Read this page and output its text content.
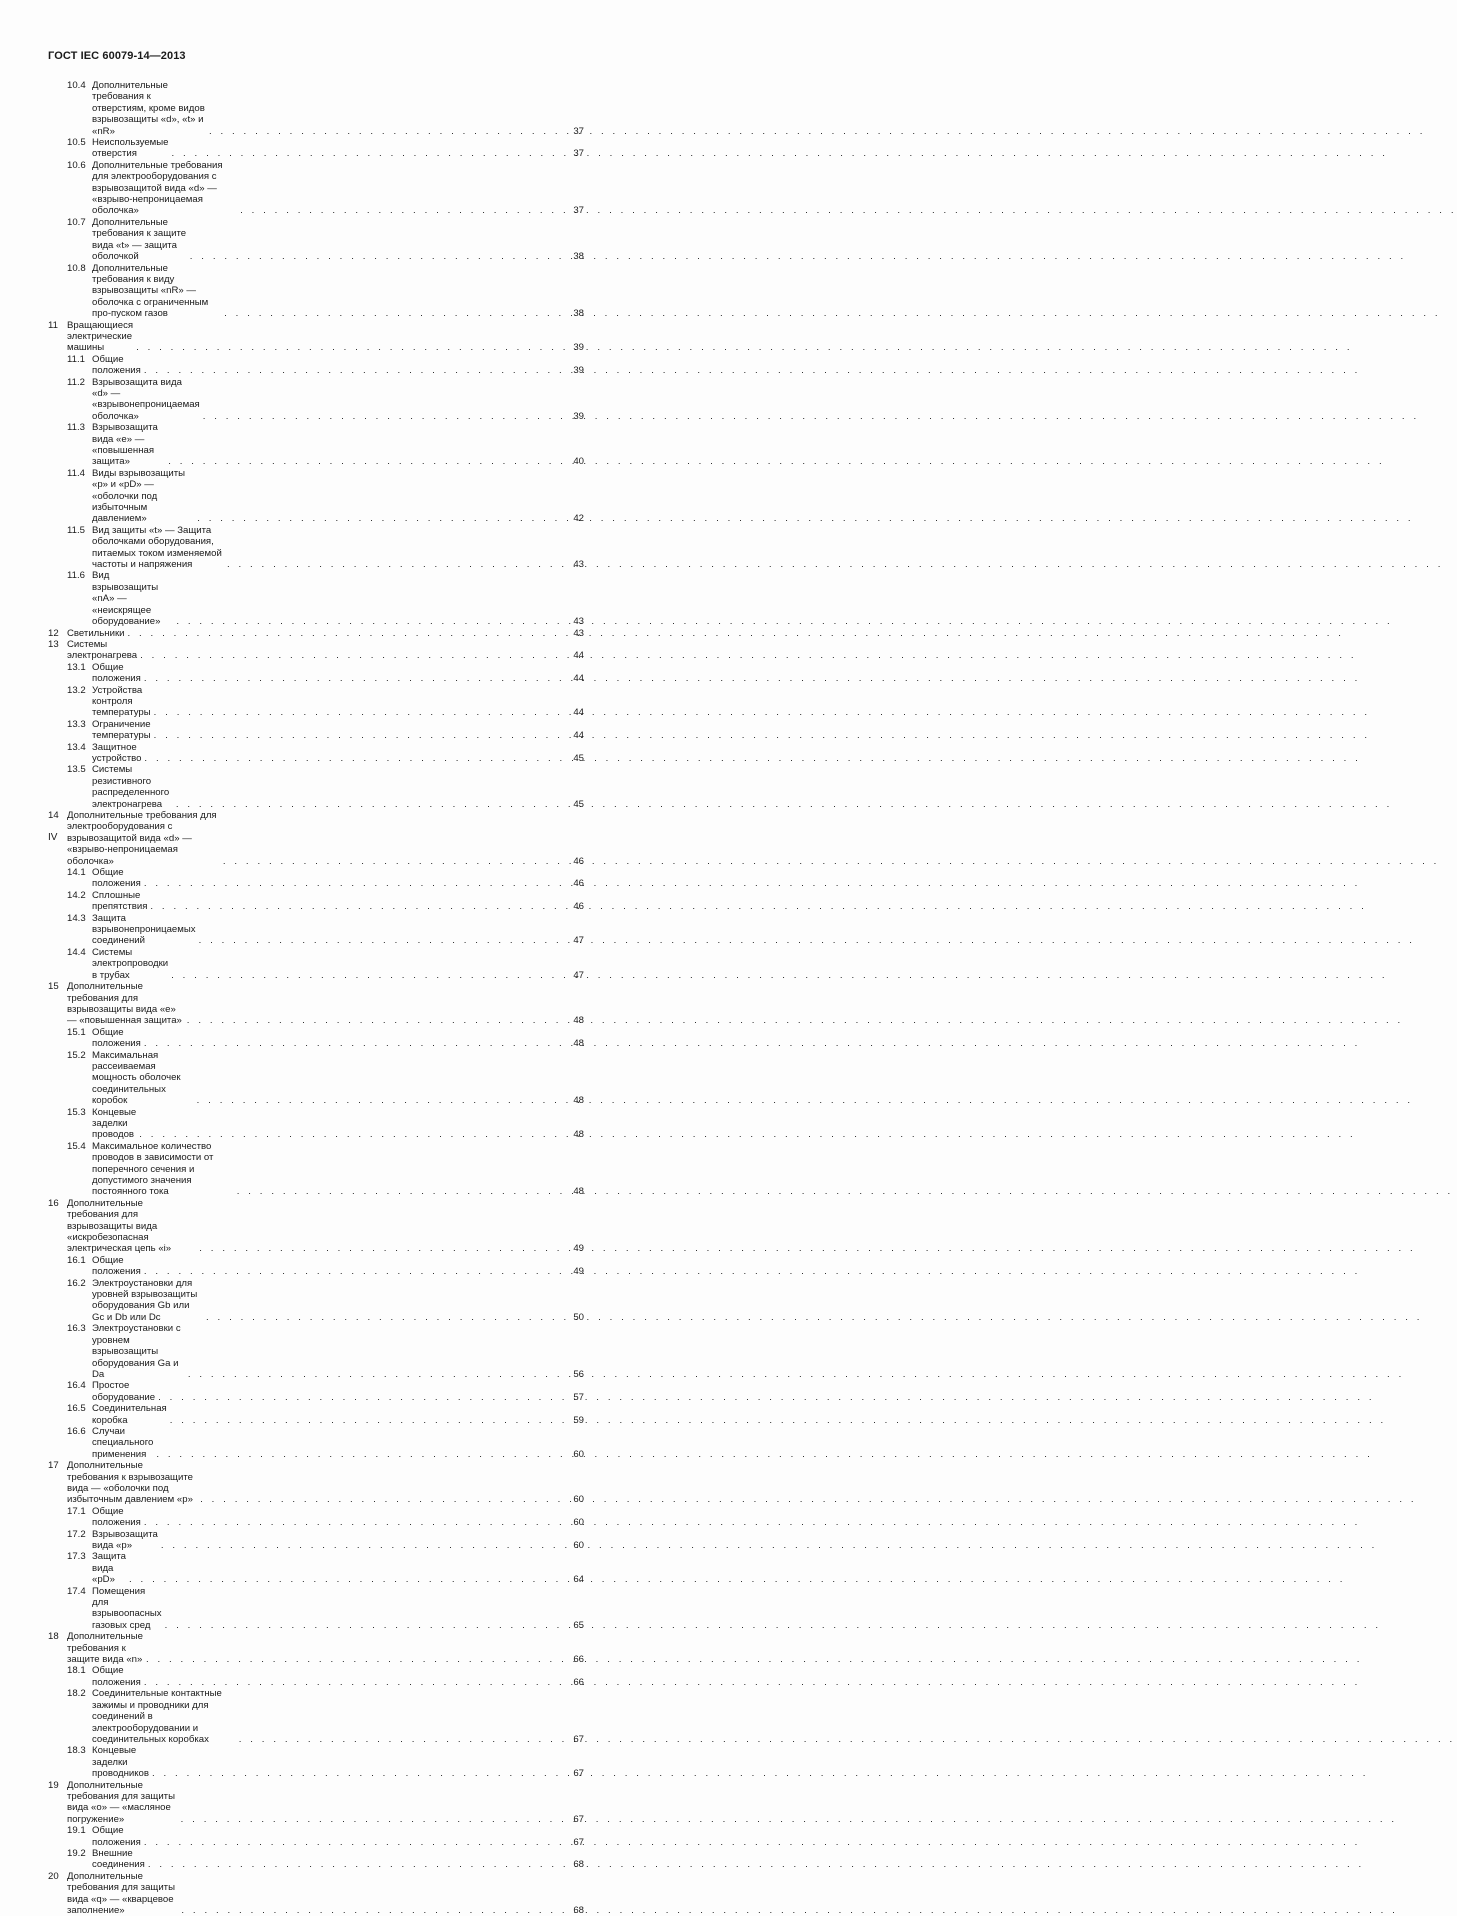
ГОСТ IEC 60079-14—2013
10.4 Дополнительные требования к отверстиям, кроме видов взрывозащиты «d», «t» и «nR» . . .	37
10.5 Неиспользуемые отверстия . . .	37
10.6 Дополнительные требования для электрооборудования с взрывозащитой вида «d» — «взрыво-непроницаемая оболочка» . . .	37
10.7 Дополнительные требования к защите вида «t» — защита оболочкой . . .	38
10.8 Дополнительные требования к виду взрывозащиты «nR» — оболочка с ограниченным про-пуском газов . . .	38
11 Вращающиеся электрические машины . . .	39
11.1 Общие положения . . .	39
11.2 Взрывозащита вида «d» — «взрывонепроницаемая оболочка» . . .	39
11.3 Взрывозащита вида «е» — «повышенная защита» . . .	40
11.4 Виды взрывозащиты «р» и «pD» — «оболочки под избыточным давлением» . . .	42
11.5 Вид защиты «t» — Защита оболочками оборудования, питаемых током изменяемой частоты и напряжения . . .	43
11.6 Вид взрывозащиты «nA» — «неискрящее оборудование» . . .	43
12 Светильники . . .	43
13 Системы электронагрева . . .	44
13.1 Общие положения . . .	44
13.2 Устройства контроля температуры . . .	44
13.3 Ограничение температуры . . .	44
13.4 Защитное устройство . . .	45
13.5 Системы резистивного распределенного электронагрева . . .	45
14 Дополнительные требования для электрооборудования с взрывозащитой вида «d» — «взрыво-непроницаемая оболочка» . . .	46
14.1 Общие положения . . .	46
14.2 Сплошные препятствия . . .	46
14.3 Защита взрывонепроницаемых соединений . . .	47
14.4 Системы электропроводки в трубах . . .	47
15 Дополнительные требования для взрывозащиты вида «е» — «повышенная защита» . . .	48
15.1 Общие положения . . .	48
15.2 Максимальная рассеиваемая мощность оболочек соединительных коробок . . .	48
15.3 Концевые заделки проводов . . .	48
15.4 Максимальное количество проводов в зависимости от поперечного сечения и допустимого значения постоянного тока . . .	48
16 Дополнительные требования для взрывозащиты вида «искробезопасная электрическая цепь «i» . . .	49
16.1 Общие положения . . .	49
16.2 Электроустановки для уровней взрывозащиты оборудования Gb или Gc и Db или Dc . . .	50
16.3 Электроустановки с уровнем взрывозащиты оборудования Ga и Da . . .	56
16.4 Простое оборудование . . .	57
16.5 Соединительная коробка . . .	59
16.6 Случаи специального применения . . .	60
17 Дополнительные требования к взрывозащите вида — «оболочки под избыточным давлением «р» . . .	60
17.1 Общие положения . . .	60
17.2 Взрывозащита вида «р» . . .	60
17.3 Защита вида «pD» . . .	64
17.4 Помещения для взрывоопасных газовых сред . . .	65
18 Дополнительные требования к защите вида «n» . . .	66
18.1 Общие положения . . .	66
18.2 Соединительные контактные зажимы и проводники для соединений в электрооборудовании и соединительных коробках . . .	67
18.3 Концевые заделки проводников . . .	67
19 Дополнительные требования для защиты вида «о» — «масляное погружение» . . .	67
19.1 Общие положения . . .	67
19.2 Внешние соединения . . .	68
20 Дополнительные требования для защиты вида «q» — «кварцевое заполнение» . . .	68
IV
